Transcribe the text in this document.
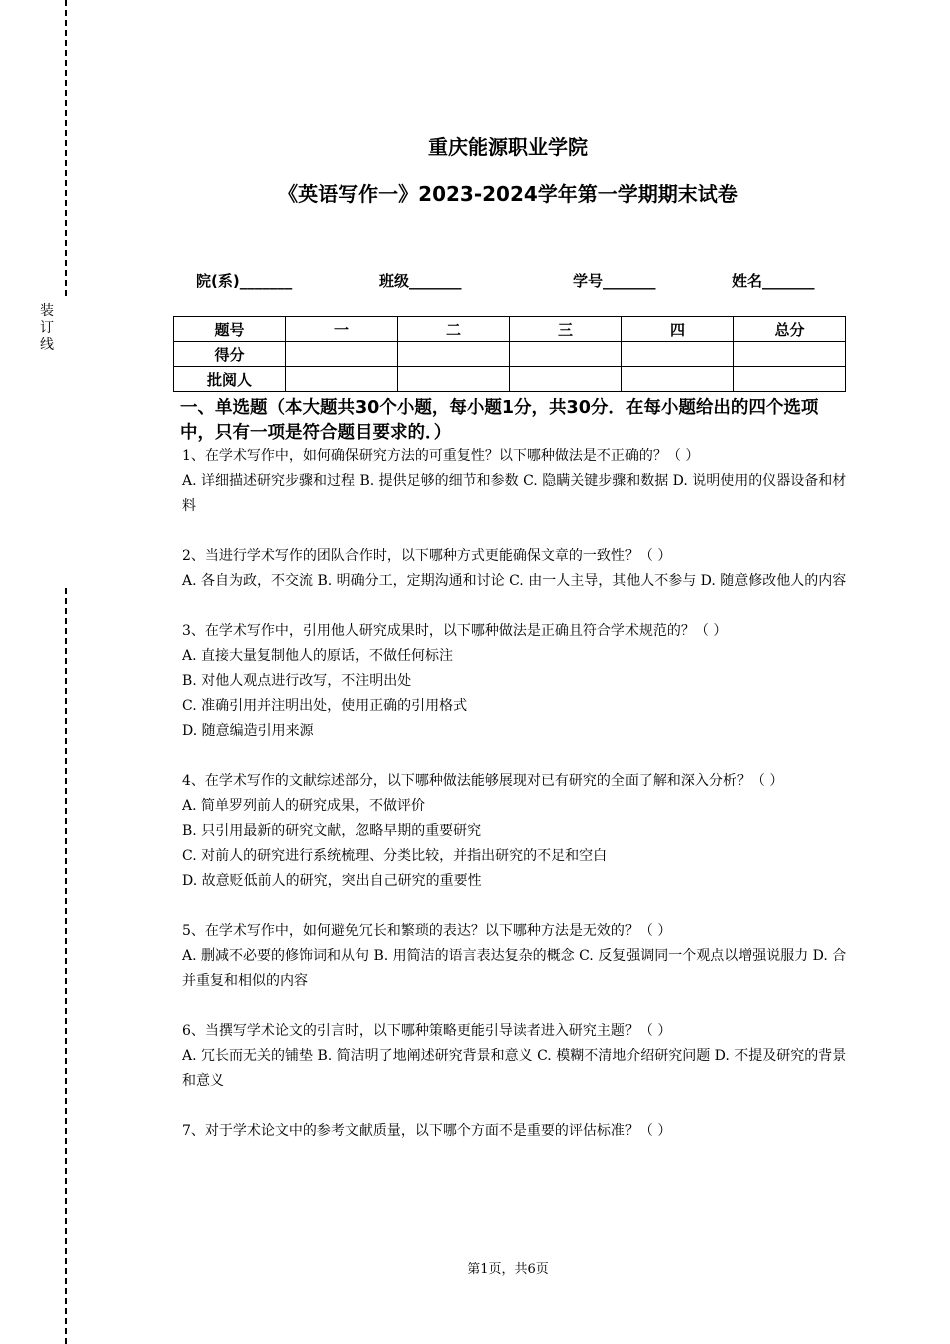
装订线
重庆能源职业学院
《英语写作一》2023-2024学年第一学期期末试卷
院(系)_______	班级_______	学号_______	姓名_______
题号	一	二	三	四	总分
得分					
批阅人					
一、单选题（本大题共30个小题，每小题1分，共30分．在每小题给出的四个选项中，只有一项是符合题目要求的．）

1、在学术写作中，如何确保研究方法的可重复性？以下哪种做法是不正确的？（ ）

A. 详细描述研究步骤和过程 B. 提供足够的细节和参数 C. 隐瞒关键步骤和数据 D. 说明使用的仪器设备和材料

2、当进行学术写作的团队合作时，以下哪种方式更能确保文章的一致性？（ ）

A. 各自为政，不交流 B. 明确分工，定期沟通和讨论 C. 由一人主导，其他人不参与 D. 随意修改他人的内容

3、在学术写作中，引用他人研究成果时，以下哪种做法是正确且符合学术规范的？（ ）

A. 直接大量复制他人的原话，不做任何标注

B. 对他人观点进行改写，不注明出处

C. 准确引用并注明出处，使用正确的引用格式

D. 随意编造引用来源

4、在学术写作的文献综述部分，以下哪种做法能够展现对已有研究的全面了解和深入分析？（ ）

A. 简单罗列前人的研究成果，不做评价

B. 只引用最新的研究文献，忽略早期的重要研究

C. 对前人的研究进行系统梳理、分类比较，并指出研究的不足和空白

D. 故意贬低前人的研究，突出自己研究的重要性

5、在学术写作中，如何避免冗长和繁琐的表达？以下哪种方法是无效的？（ ）

A. 删减不必要的修饰词和从句 B. 用简洁的语言表达复杂的概念 C. 反复强调同一个观点以增强说服力 D. 合并重复和相似的内容

6、当撰写学术论文的引言时，以下哪种策略更能引导读者进入研究主题？（ ）

A. 冗长而无关的铺垫 B. 简洁明了地阐述研究背景和意义 C. 模糊不清地介绍研究问题 D. 不提及研究的背景和意义

7、对于学术论文中的参考文献质量，以下哪个方面不是重要的评估标准？（ ）

第1页，共6页
